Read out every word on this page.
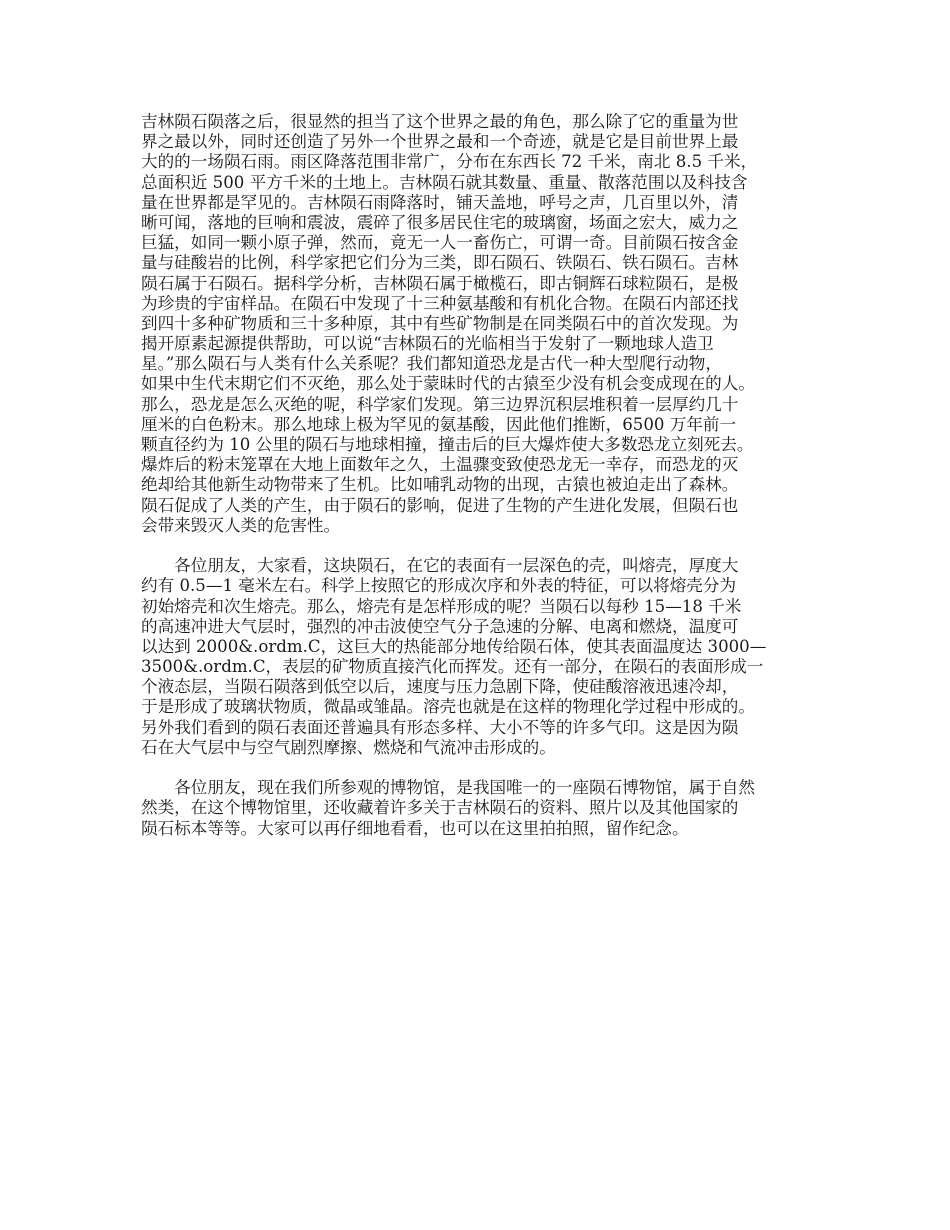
吉林陨石陨落之后，很显然的担当了这个世界之最的角色，那么除了它的重量为世
界之最以外，同时还创造了另外一个世界之最和一个奇迹，就是它是目前世界上最
大的的一场陨石雨。雨区降落范围非常广，分布在东西长 72 千米，南北 8.5 千米，
总面积近 500 平方千米的土地上。吉林陨石就其数量、重量、散落范围以及科技含
量在世界都是罕见的。吉林陨石雨降落时，铺天盖地，呼号之声，几百里以外，清
晰可闻，落地的巨响和震波，震碎了很多居民住宅的玻璃窗，场面之宏大，威力之
巨猛，如同一颗小原子弹，然而，竟无一人一畜伤亡，可谓一奇。目前陨石按含金
量与硅酸岩的比例，科学家把它们分为三类，即石陨石、铁陨石、铁石陨石。吉林
陨石属于石陨石。据科学分析，吉林陨石属于橄榄石，即古铜辉石球粒陨石，是极
为珍贵的宇宙样品。在陨石中发现了十三种氨基酸和有机化合物。在陨石内部还找
到四十多种矿物质和三十多种原，其中有些矿物制是在同类陨石中的首次发现。为
揭开原素起源提供帮助，可以说“吉林陨石的光临相当于发射了一颗地球人造卫
星。”那么陨石与人类有什么关系呢？我们都知道恐龙是古代一种大型爬行动物，
如果中生代末期它们不灭绝，那么处于蒙昧时代的古猿至少没有机会变成现在的人。
那么，恐龙是怎么灭绝的呢，科学家们发现。第三边界沉积层堆积着一层厚约几十
厘米的白色粉末。那么地球上极为罕见的氨基酸，因此他们推断，6500 万年前一
颗直径约为 10 公里的陨石与地球相撞，撞击后的巨大爆炸使大多数恐龙立刻死去。
爆炸后的粉末笼罩在大地上面数年之久，土温骤变致使恐龙无一幸存，而恐龙的灭
绝却给其他新生动物带来了生机。比如哺乳动物的出现，古猿也被迫走出了森林。
陨石促成了人类的产生，由于陨石的影响，促进了生物的产生进化发展，但陨石也
会带来毁灭人类的危害性。
　　各位朋友，大家看，这块陨石，在它的表面有一层深色的壳，叫熔壳，厚度大
约有 0.5—1 毫米左右。科学上按照它的形成次序和外表的特征，可以将熔壳分为
初始熔壳和次生熔壳。那么，熔壳有是怎样形成的呢？当陨石以每秒 15—18 千米
的高速冲进大气层时，强烈的冲击波使空气分子急速的分解、电离和燃烧，温度可
以达到 2000&.ordm.C，这巨大的热能部分地传给陨石体，使其表面温度达 3000—
3500&.ordm.C，表层的矿物质直接汽化而挥发。还有一部分，在陨石的表面形成一
个液态层，当陨石陨落到低空以后，速度与压力急剧下降，使硅酸溶液迅速冷却，
于是形成了玻璃状物质，微晶或雏晶。溶壳也就是在这样的物理化学过程中形成的。
另外我们看到的陨石表面还普遍具有形态多样、大小不等的许多气印。这是因为陨
石在大气层中与空气剧烈摩擦、燃烧和气流冲击形成的。
　　各位朋友，现在我们所参观的博物馆，是我国唯一的一座陨石博物馆，属于自然
然类，在这个博物馆里，还收藏着许多关于吉林陨石的资料、照片以及其他国家的
陨石标本等等。大家可以再仔细地看看，也可以在这里拍拍照，留作纪念。
